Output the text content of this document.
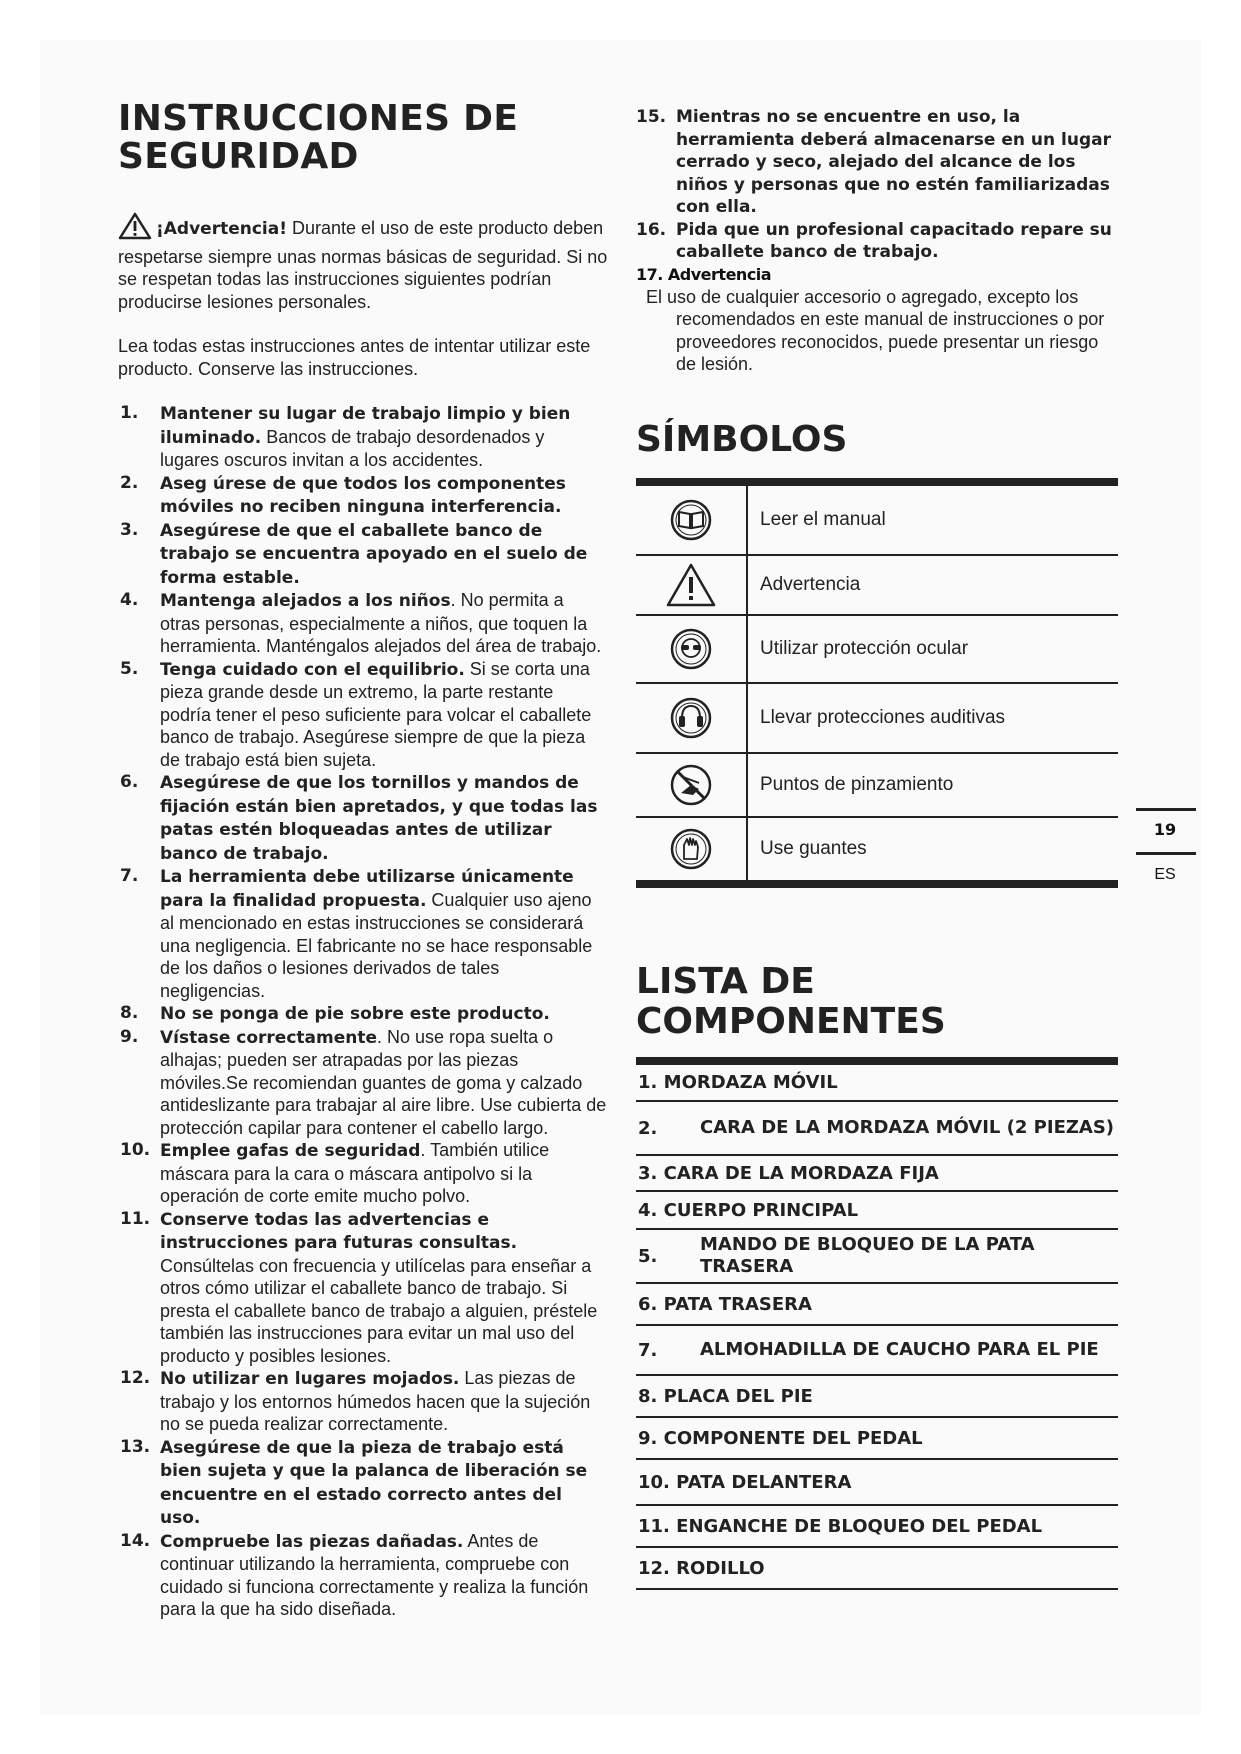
INSTRUCCIONES DE SEGURIDAD
¡Advertencia! Durante el uso de este producto deben respetarse siempre unas normas básicas de seguridad. Si no se respetan todas las instrucciones siguientes podrían producirse lesiones personales.
Lea todas estas instrucciones antes de intentar utilizar este producto. Conserve las instrucciones.
1. Mantener su lugar de trabajo limpio y bien iluminado. Bancos de trabajo desordenados y lugares oscuros invitan a los accidentes.
2. Aseg úrese de que todos los componentes móviles no reciben ninguna interferencia.
3. Asegúrese de que el caballete banco de trabajo se encuentra apoyado en el suelo de forma estable.
4. Mantenga alejados a los niños. No permita a otras personas, especialmente a niños, que toquen la herramienta. Manténgalos alejados del área de trabajo.
5. Tenga cuidado con el equilibrio. Si se corta una pieza grande desde un extremo, la parte restante podría tener el peso suficiente para volcar el caballete banco de trabajo. Asegúrese siempre de que la pieza de trabajo está bien sujeta.
6. Asegúrese de que los tornillos y mandos de fijación están bien apretados, y que todas las patas estén bloqueadas antes de utilizar banco de trabajo.
7. La herramienta debe utilizarse únicamente para la finalidad propuesta. Cualquier uso ajeno al mencionado en estas instrucciones se considerará una negligencia. El fabricante no se hace responsable de los daños o lesiones derivados de tales negligencias.
8. No se ponga de pie sobre este producto.
9. Vístase correctamente. No use ropa suelta o alhajas; pueden ser atrapadas por las piezas móviles.Se recomiendan guantes de goma y calzado antideslizante para trabajar al aire libre. Use cubierta de protección capilar para contener el cabello largo.
10. Emplee gafas de seguridad. También utilice máscara para la cara o máscara antipolvo si la operación de corte emite mucho polvo.
11. Conserve todas las advertencias e instrucciones para futuras consultas. Consúltelas con frecuencia y utilícelas para enseñar a otros cómo utilizar el caballete banco de trabajo. Si presta el caballete banco de trabajo a alguien, préstele también las instrucciones para evitar un mal uso del producto y posibles lesiones.
12. No utilizar en lugares mojados. Las piezas de trabajo y los entornos húmedos hacen que la sujeción no se pueda realizar correctamente.
13. Asegúrese de que la pieza de trabajo está bien sujeta y que la palanca de liberación se encuentre en el estado correcto antes del uso.
14. Compruebe las piezas dañadas. Antes de continuar utilizando la herramienta, compruebe con cuidado si funciona correctamente y realiza la función para la que ha sido diseñada.
15. Mientras no se encuentre en uso, la herramienta deberá almacenarse en un lugar cerrado y seco, alejado del alcance de los niños y personas que no estén familiarizadas con ella.
16. Pida que un profesional capacitado repare su caballete banco de trabajo.
17. Advertencia
El uso de cualquier accesorio o agregado, excepto los recomendados en este manual de instrucciones o por proveedores reconocidos, puede presentar un riesgo de lesión.
SÍMBOLOS
Leer el manual
Advertencia
Utilizar protección ocular
Llevar protecciones auditivas
Puntos de pinzamiento
Use guantes
LISTA DE COMPONENTES
1.
MORDAZA MÓVIL
2.	CARA DE LA MORDAZA MÓVIL (2 PIEZAS)
3.
CARA DE LA MORDAZA FIJA
4.
CUERPO PRINCIPAL
5.
MANDO DE BLOQUEO DE LA PATA TRASERA
6.
PATA TRASERA
7.	ALMOHADILLA DE CAUCHO PARA EL PIE
8.
PLACA DEL PIE
9.
COMPONENTE DEL PEDAL
10.
PATA DELANTERA
11.
ENGANCHE DE BLOQUEO DEL PEDAL
12.
RODILLO
19
ES
